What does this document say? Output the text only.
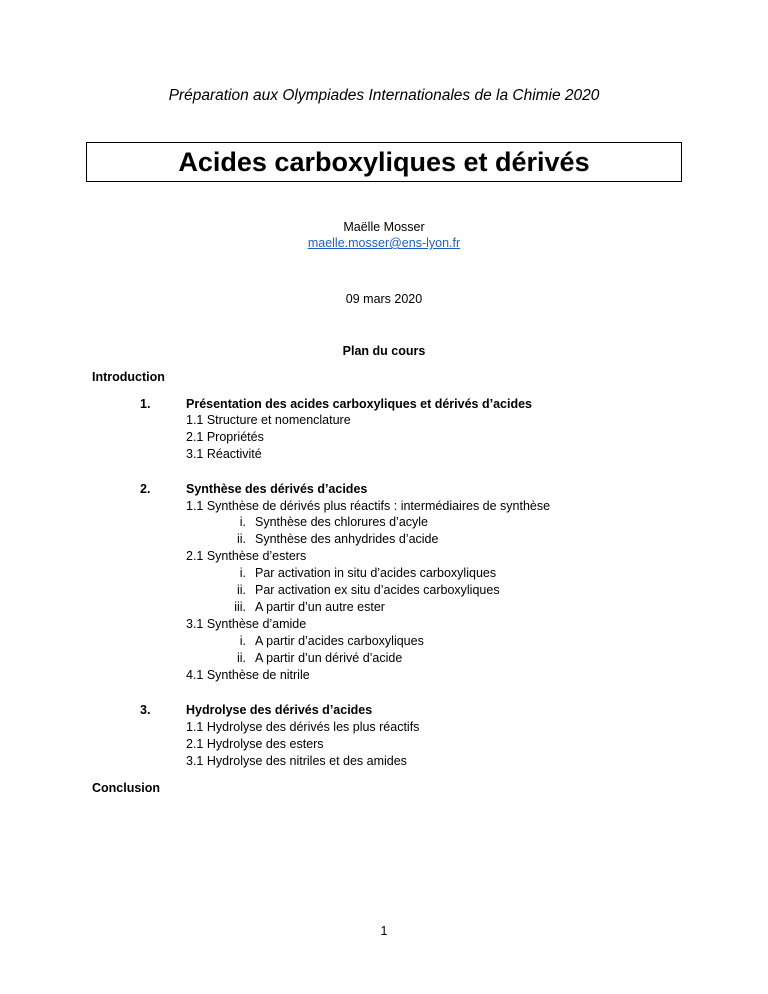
Préparation aux Olympiades Internationales de la Chimie 2020
Acides carboxyliques et dérivés
Maëlle Mosser
maelle.mosser@ens-lyon.fr
09 mars 2020
Plan du cours
Introduction
1.	Présentation des acides carboxyliques et dérivés d’acides
1.1 Structure et nomenclature
2.1 Propriétés
3.1 Réactivité
2.	Synthèse des dérivés d’acides
1.1 Synthèse de dérivés plus réactifs : intermédiaires de synthèse
i. Synthèse des chlorures d’acyle
ii. Synthèse des anhydrides d’acide
2.1 Synthèse d’esters
i. Par activation in situ d’acides carboxyliques
ii. Par activation ex situ d’acides carboxyliques
iii. A partir d’un autre ester
3.1 Synthèse d’amide
i. A partir d’acides carboxyliques
ii. A partir d’un dérivé d’acide
4.1 Synthèse de nitrile
3.	Hydrolyse des dérivés d’acides
1.1 Hydrolyse des dérivés les plus réactifs
2.1 Hydrolyse des esters
3.1 Hydrolyse des nitriles et des amides
Conclusion
1
